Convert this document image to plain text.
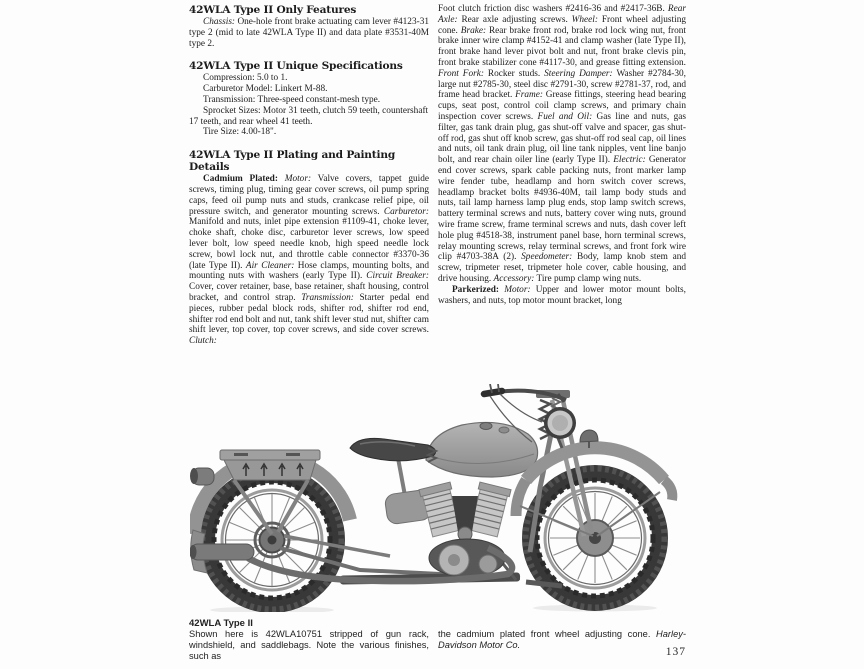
42WLA Type II Only Features

Chassis: One-hole front brake actuating cam lever #4123-31 type 2 (mid to late 42WLA Type II) and data plate #3531-40M type 2.

42WLA Type II Unique Specifications

Compression: 5.0 to 1.

Carburetor Model: Linkert M-88.

Transmission: Three-speed constant-mesh type.

Sprocket Sizes: Motor 31 teeth, clutch 59 teeth, countershaft 17 teeth, and rear wheel 41 teeth.

Tire Size: 4.00-18".

42WLA Type II Plating and Painting Details

Cadmium Plated: Motor: Valve covers, tappet guide screws, timing plug, timing gear cover screws, oil pump spring caps, feed oil pump nuts and studs, crankcase relief pipe, oil pressure switch, and generator mounting screws. Carburetor: Manifold and nuts, inlet pipe extension #1109-41, choke lever, choke shaft, choke disc, carburetor lever screws, low speed lever bolt, low speed needle knob, high speed needle lock screw, bowl lock nut, and throttle cable connector #3370-36 (late Type II). Air Cleaner: Hose clamps, mounting bolts, and mounting nuts with washers (early Type II). Circuit Breaker: Cover, cover retainer, base, base retainer, shaft housing, control bracket, and control strap. Transmission: Starter pedal end pieces, rubber pedal block rods, shifter rod, shifter rod end, shifter rod end bolt and nut, tank shift lever stud nut, shifter cam shift lever, top cover, top cover screws, and side cover screws. Clutch:

Foot clutch friction disc washers #2416-36 and #2417-36B. Rear Axle: Rear axle adjusting screws. Wheel: Front wheel adjusting cone. Brake: Rear brake front rod, brake rod lock wing nut, front brake inner wire clamp #4152-41 and clamp washer (late Type II), front brake hand lever pivot bolt and nut, front brake clevis pin, front brake stabilizer cone #4117-30, and grease fitting extension. Front Fork: Rocker studs. Steering Damper: Washer #2784-30, large nut #2785-30, steel disc #2791-30, screw #2781-37, rod, and frame head bracket. Frame: Grease fittings, steering head bearing cups, seat post, control coil clamp screws, and primary chain inspection cover screws. Fuel and Oil: Gas line and nuts, gas filter, gas tank drain plug, gas shut-off valve and spacer, gas shut-off rod, gas shut off knob screw, gas shut-off rod seal cap, oil lines and nuts, oil tank drain plug, oil line tank nipples, vent line banjo bolt, and rear chain oiler line (early Type II). Electric: Generator end cover screws, spark cable packing nuts, front marker lamp wire fender tube, headlamp and horn switch cover screws, headlamp bracket bolts #4936-40M, tail lamp body studs and nuts, tail lamp harness lamp plug ends, stop lamp switch screws, battery terminal screws and nuts, battery cover wing nuts, ground wire frame screw, frame terminal screws and nuts, dash cover left hole plug #4518-38, instrument panel base, horn terminal screws, relay mounting screws, relay terminal screws, and front fork wire clip #4703-38A (2). Speedometer: Body, lamp knob stem and screw, tripmeter reset, tripmeter hole cover, cable housing, and drive housing. Accessory: Tire pump clamp wing nuts.

Parkerized: Motor: Upper and lower motor mount bolts, washers, and nuts, top motor mount bracket, long

42WLA Type II

Shown here is 42WLA10751 stripped of gun rack, windshield, and saddlebags. Note the various finishes, such as

the cadmium plated front wheel adjusting cone. Harley-Davidson Motor Co.

137
